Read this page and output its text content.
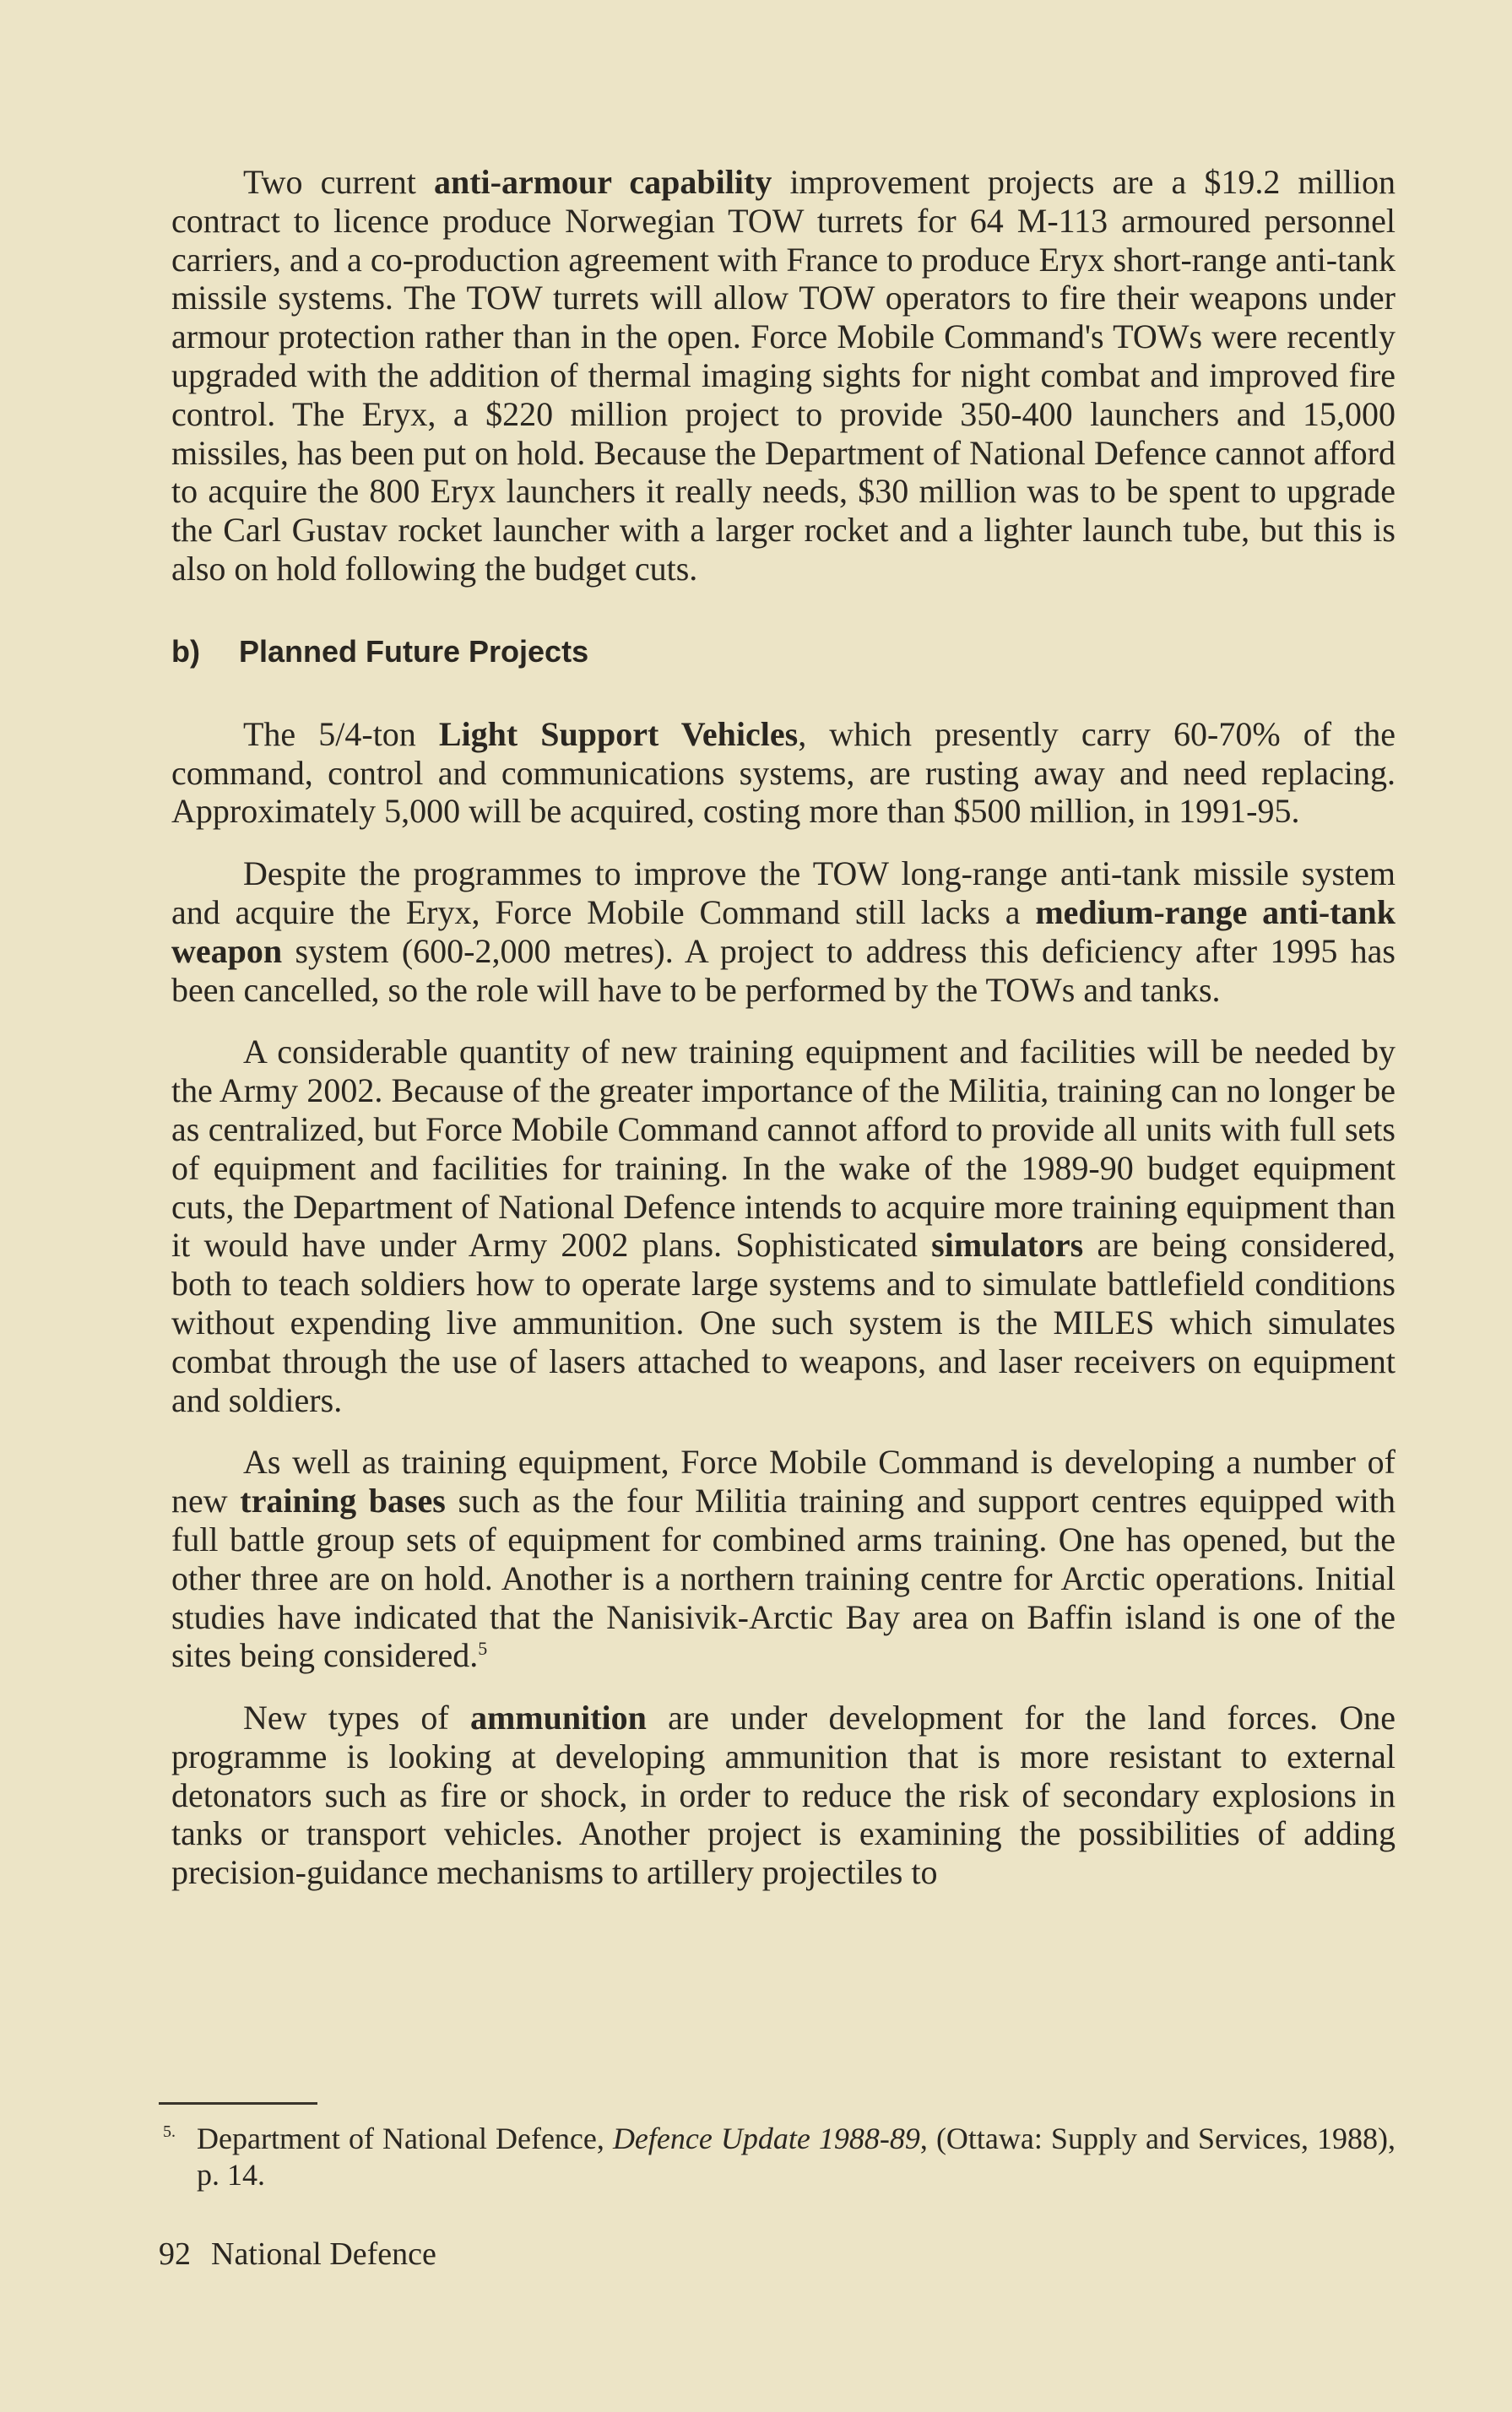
Two current anti-armour capability improvement projects are a $19.2 million contract to licence produce Norwegian TOW turrets for 64 M-113 armoured personnel carriers, and a co-production agreement with France to produce Eryx short-range anti-tank missile systems. The TOW turrets will allow TOW operators to fire their weapons under armour protection rather than in the open. Force Mobile Command's TOWs were recently upgraded with the addition of thermal imaging sights for night combat and improved fire control. The Eryx, a $220 million project to provide 350-400 launchers and 15,000 missiles, has been put on hold. Because the Department of National Defence cannot afford to acquire the 800 Eryx launchers it really needs, $30 million was to be spent to upgrade the Carl Gustav rocket launcher with a larger rocket and a lighter launch tube, but this is also on hold following the budget cuts.

b) Planned Future Projects

The 5/4-ton Light Support Vehicles, which presently carry 60-70% of the command, control and communications systems, are rusting away and need replacing. Approximately 5,000 will be acquired, costing more than $500 million, in 1991-95.

Despite the programmes to improve the TOW long-range anti-tank missile system and acquire the Eryx, Force Mobile Command still lacks a medium-range anti-tank weapon system (600-2,000 metres). A project to address this deficiency after 1995 has been cancelled, so the role will have to be performed by the TOWs and tanks.

A considerable quantity of new training equipment and facilities will be needed by the Army 2002. Because of the greater importance of the Militia, training can no longer be as centralized, but Force Mobile Command cannot afford to provide all units with full sets of equipment and facilities for training. In the wake of the 1989-90 budget equipment cuts, the Department of National Defence intends to acquire more training equipment than it would have under Army 2002 plans. Sophisticated simulators are being considered, both to teach soldiers how to operate large systems and to simulate battlefield conditions without expending live ammunition. One such system is the MILES which simulates combat through the use of lasers attached to weapons, and laser receivers on equipment and soldiers.

As well as training equipment, Force Mobile Command is developing a number of new training bases such as the four Militia training and support centres equipped with full battle group sets of equipment for combined arms training. One has opened, but the other three are on hold. Another is a northern training centre for Arctic operations. Initial studies have indicated that the Nanisivik-Arctic Bay area on Baffin island is one of the sites being considered.$^5$

New types of ammunition are under development for the land forces. One programme is looking at developing ammunition that is more resistant to external detonators such as fire or shock, in order to reduce the risk of secondary explosions in tanks or transport vehicles. Another project is examining the possibilities of adding precision-guidance mechanisms to artillery projectiles to

5. Department of National Defence, Defence Update 1988-89, (Ottawa: Supply and Services, 1988), p. 14.
92 National Defence
